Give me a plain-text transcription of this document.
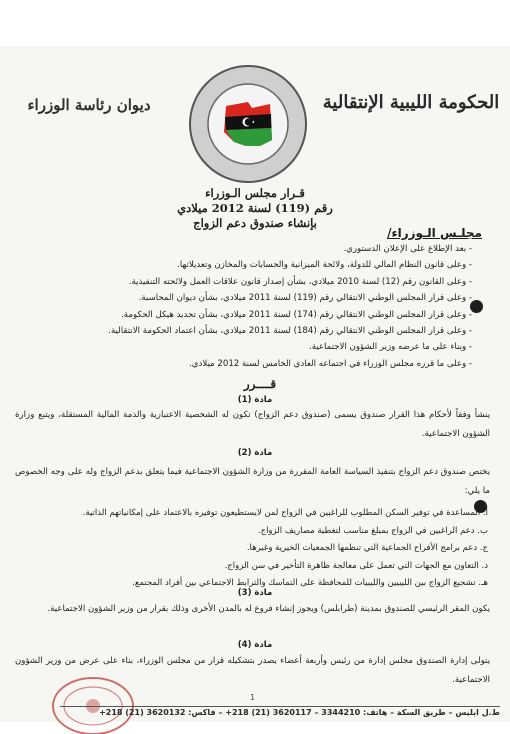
الحكومة الليبية الإنتقالية
ديوان رئاسة الوزراء
قـرار مجلس الـوزراء
رقم (119) لسنة 2012 ميلادي
بإنشاء صندوق دعم الزواج
مجلـس الـوزراء/
- بعد الإطلاع على الإعلان الدستوري.
- وعلى قانون النظام المالي للدولة، ولائحة الميزانية والحسابات والمخازن وتعديلاتها.
- وعلى القانون رقم (12) لسنة 2010 ميلادي، بشأن إصدار قانون علاقات العمل ولائحته التنفيذية.
- وعلى قرار المجلس الوطني الانتقالي رقم (119) لسنة 2011 ميلادي، بشأن ديوان المحاسبة.
- وعلى قرار المجلس الوطني الانتقالي رقم (174) لسنة 2011 ميلادي، بشأن تحديد هيكل الحكومة.
- وعلى قرار المجلس الوطني الانتقالي رقم (184) لسنة 2011 ميلادي، بشأن اعتماد الحكومة الانتقالية.
- وبناء على ما عرضه وزير الشؤون الاجتماعية.
- وعلى ما قرره مجلس الوزراء في اجتماعه العادي الخامس لسنة 2012 ميلادي.
قــــرر
مادة (1)
ينشأ وفقاً لأحكام هذا القرار صندوق يسمى (صندوق دعم الزواج) تكون له الشخصية الاعتبارية والذمة المالية المستقلة، ويتبع وزارة الشؤون الاجتماعية.
مادة (2)
يختص صندوق دعم الزواج بتنفيذ السياسة العامة المقررة من وزارة الشؤون الاجتماعية فيما يتعلق بدعم الزواج وله على وجه الخصوص ما يلي:
أ. المساعدة في توفير السكن المطلوب للراغبين في الزواج لمن لايستطيعون توفيره بالاعتماد على إمكانياتهم الذاتية.
ب. دعم الراغبين في الزواج بمبلغ مناسب لتغطية مصاريف الزواج.
ج. دعم برامج الأفراح الجماعية التي تنظمها الجمعيات الخيرية وغيرها.
د. التعاون مع الجهات التي تعمل على معالجة ظاهرة التأخير في سن الزواج.
هـ. تشجيع الزواج بين الليبيين والليبيات للمحافظة على التماسك والترابط الاجتماعي بين أفراد المجتمع.
مادة (3)
يكون المقر الرئيسي للصندوق بمدينة (طرابلس) ويجوز إنشاء فروع له بالمدن الأخرى وذلك بقرار من وزير الشؤون الاجتماعية.
مادة (4)
يتولى إدارة الصندوق مجلس إدارة من رئيس وأربعة أعضاء يصدر بتشكيله قرار من مجلس الوزراء، بناء على عرض من وزير الشؤون الاجتماعية.
1
ط.ل ابليس – طريق السكة – هاتف: 3344210 – 3620117 (21) 218+ – فاكس: 3620132 (21) 218+
